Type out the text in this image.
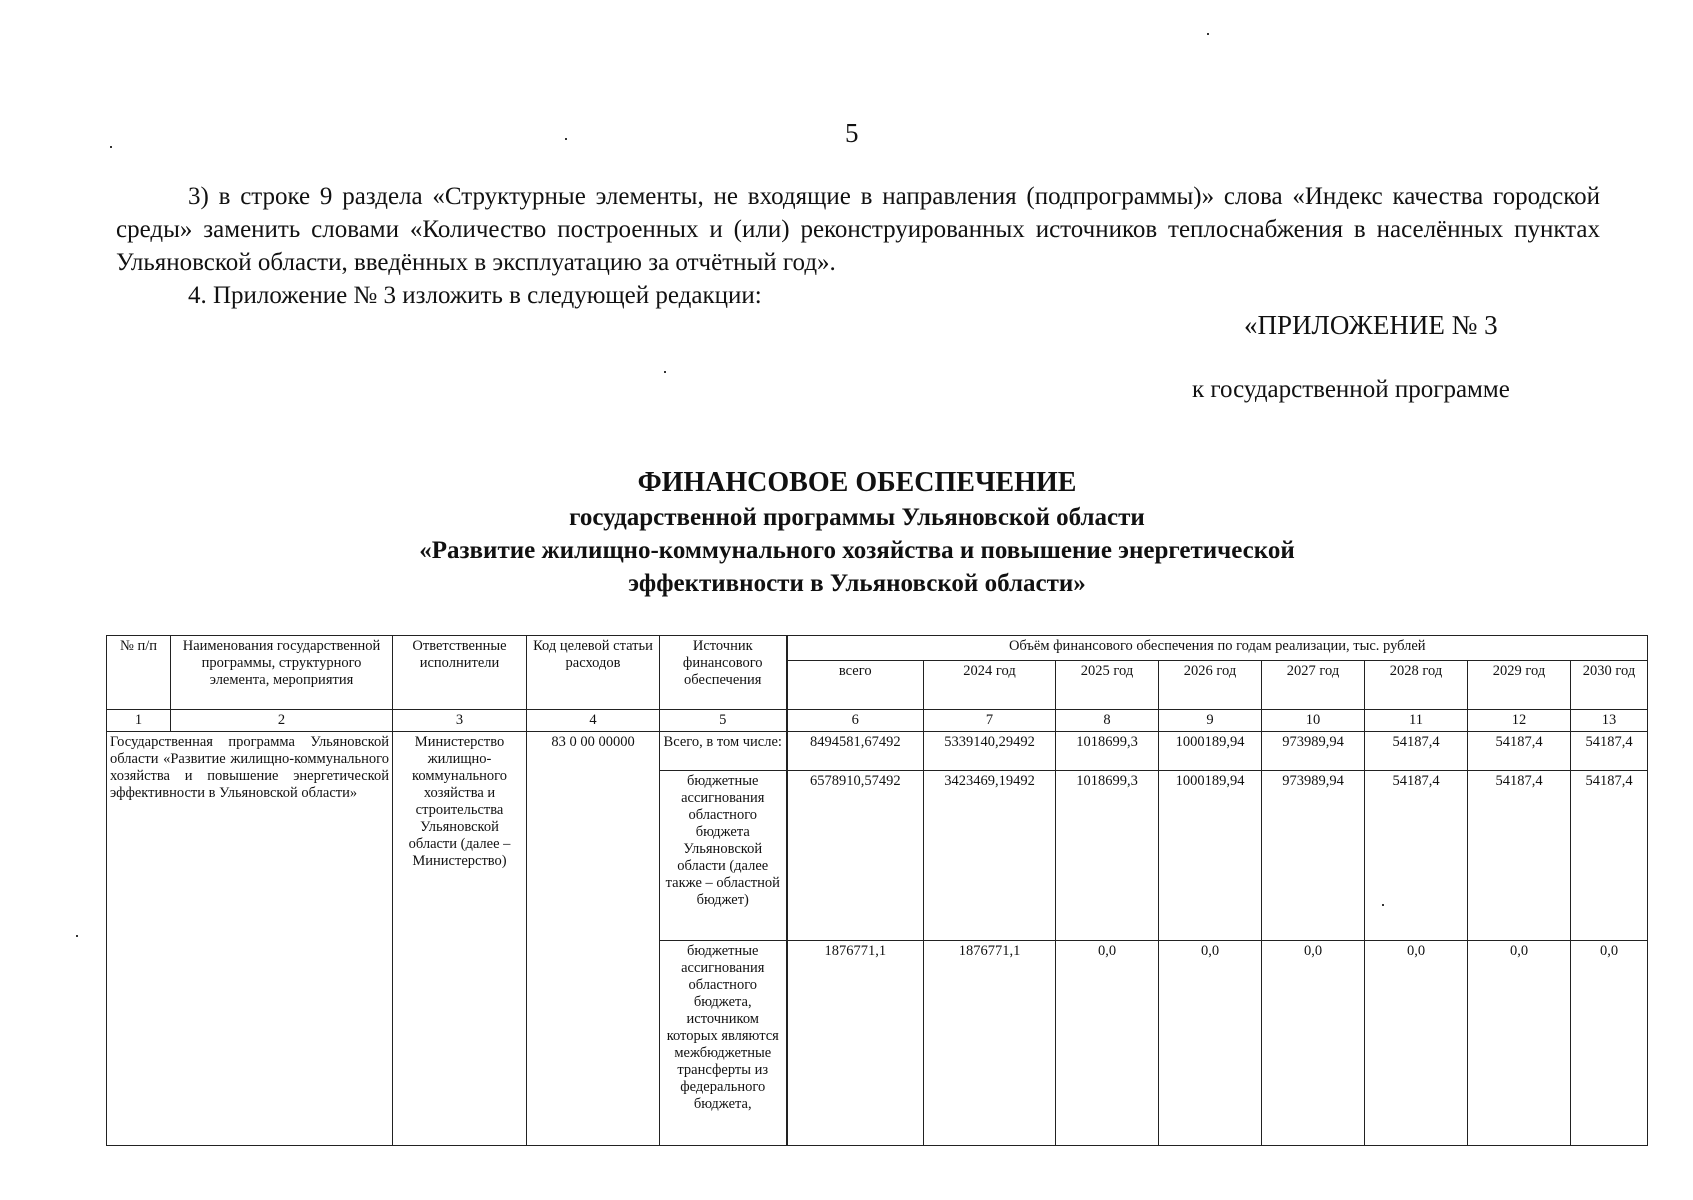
5

3) в строке 9 раздела «Структурные элементы, не входящие в направления (подпрограммы)» слова «Индекс качества городской среды» заменить словами «Количество построенных и (или) реконструированных источников теплоснабжения в населённых пунктах Ульяновской области, введённых в эксплуатацию за отчётный год».

4. Приложение № 3 изложить в следующей редакции:

«ПРИЛОЖЕНИЕ № 3
к государственной программе
ФИНАНСОВОЕ ОБЕСПЕЧЕНИЕ
государственной программы Ульяновской области
«Развитие жилищно-коммунального хозяйства и повышение энергетической
эффективности в Ульяновской области»
№ п/п	Наименования государственной программы, структурного элемента, мероприятия	Ответственные исполнители	Код целевой статьи расходов	Источник финансового обеспечения	Объём финансового обеспечения по годам реализации, тыс. рублей							
					всего	2024 год	2025 год	2026 год	2027 год	2028 год	2029 год	2030 год
1	2	3	4	5	6	7	8	9	10	11	12	13
Государственная программа Ульяновской области «Развитие жилищно-коммунального хозяйства и повышение энергетической эффективности в Ульяновской области»		Министерство жилищно-коммунального хозяйства и строительства Ульяновской области (далее – Министерство)	83 0 00 00000	Всего, в том числе:	8494581,67492	5339140,29492	1018699,3	1000189,94	973989,94	54187,4	54187,4	54187,4
				бюджетные ассигнования областного бюджета Ульяновской области (далее также – областной бюджет)	6578910,57492	3423469,19492	1018699,3	1000189,94	973989,94	54187,4	54187,4	54187,4
				бюджетные ассигнования областного бюджета, источником которых являются межбюджетные трансферты из федерального бюджета,	1876771,1	1876771,1	0,0	0,0	0,0	0,0	0,0	0,0
